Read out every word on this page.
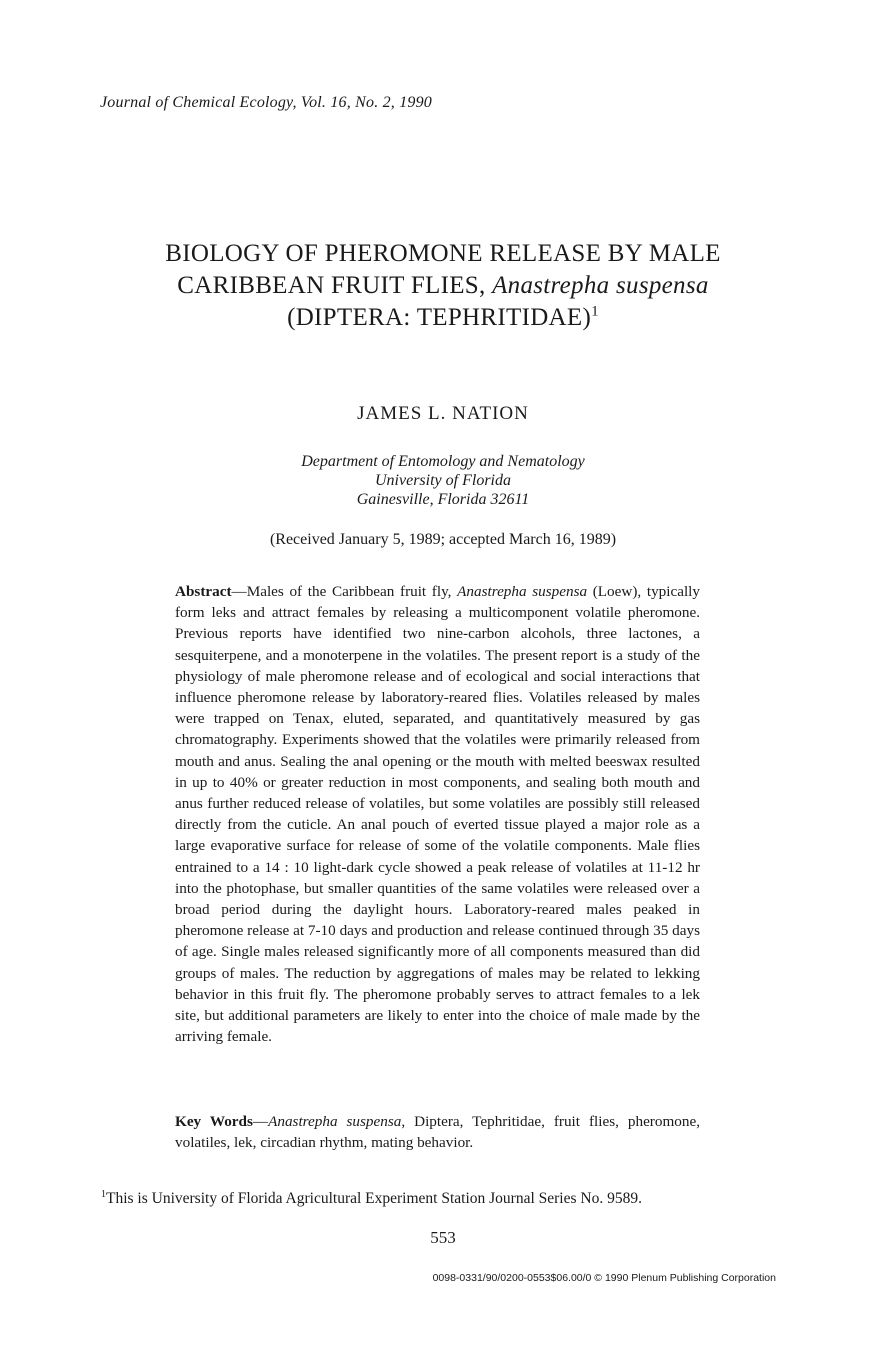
Journal of Chemical Ecology, Vol. 16, No. 2, 1990
BIOLOGY OF PHEROMONE RELEASE BY MALE
CARIBBEAN FRUIT FLIES, Anastrepha suspensa
(DIPTERA: TEPHRITIDAE)$^1$
JAMES L. NATION
Department of Entomology and Nematology
University of Florida
Gainesville, Florida 32611
(Received January 5, 1989; accepted March 16, 1989)
Abstract—Males of the Caribbean fruit fly, Anastrepha suspensa (Loew), typically form leks and attract females by releasing a multicomponent volatile pheromone. Previous reports have identified two nine-carbon alcohols, three lactones, a sesquiterpene, and a monoterpene in the volatiles. The present report is a study of the physiology of male pheromone release and of ecological and social interactions that influence pheromone release by laboratory-reared flies. Volatiles released by males were trapped on Tenax, eluted, separated, and quantitatively measured by gas chromatography. Experiments showed that the volatiles were primarily released from mouth and anus. Sealing the anal opening or the mouth with melted beeswax resulted in up to 40% or greater reduction in most components, and sealing both mouth and anus further reduced release of volatiles, but some volatiles are possibly still released directly from the cuticle. An anal pouch of everted tissue played a major role as a large evaporative surface for release of some of the volatile components. Male flies entrained to a 14 : 10 light-dark cycle showed a peak release of volatiles at 11-12 hr into the photophase, but smaller quantities of the same volatiles were released over a broad period during the daylight hours. Laboratory-reared males peaked in pheromone release at 7-10 days and production and release continued through 35 days of age. Single males released significantly more of all components measured than did groups of males. The reduction by aggregations of males may be related to lekking behavior in this fruit fly. The pheromone probably serves to attract females to a lek site, but additional parameters are likely to enter into the choice of male made by the arriving female.
Key Words—Anastrepha suspensa, Diptera, Tephritidae, fruit flies, pheromone, volatiles, lek, circadian rhythm, mating behavior.
$^1$This is University of Florida Agricultural Experiment Station Journal Series No. 9589.
553
0098-0331/90/0200-0553$06.00/0 © 1990 Plenum Publishing Corporation
